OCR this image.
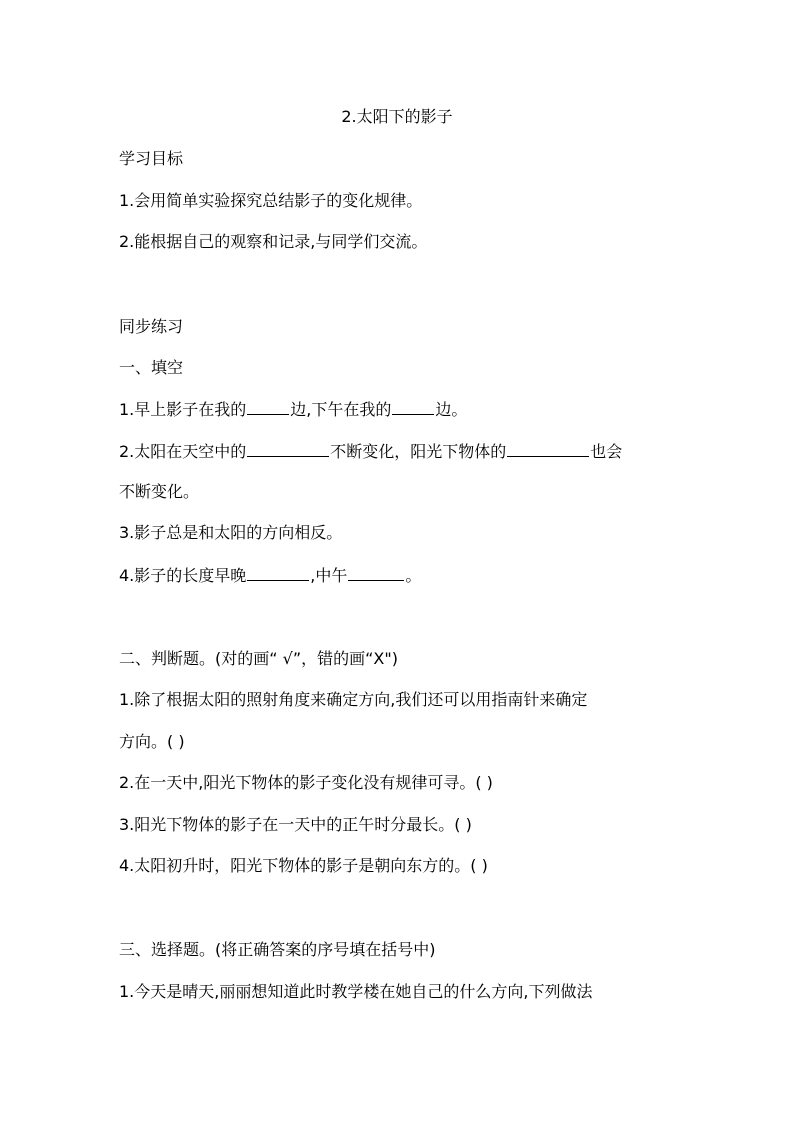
2.太阳下的影子
学习目标
1.会用简单实验探究总结影子的变化规律。
2.能根据自己的观察和记录,与同学们交流。
同步练习
一、填空
1.早上影子在我的	边,下午在我的	边。
2.太阳在天空中的	不断变化，阳光下物体的	也会
不断变化。
3.影子总是和太阳的方向相反。
4.影子的长度早晚	,中午	。
二、判断题。(对的画“ √”，错的画“X")
1.除了根据太阳的照射角度来确定方向,我们还可以用指南针来确定
方向。( )
2.在一天中,阳光下物体的影子变化没有规律可寻。( )
3.阳光下物体的影子在一天中的正午时分最长。( )
4.太阳初升时，阳光下物体的影子是朝向东方的。( )
三、选择题。(将正确答案的序号填在括号中)
1.今天是晴天,丽丽想知道此时教学楼在她自己的什么方向,下列做法
